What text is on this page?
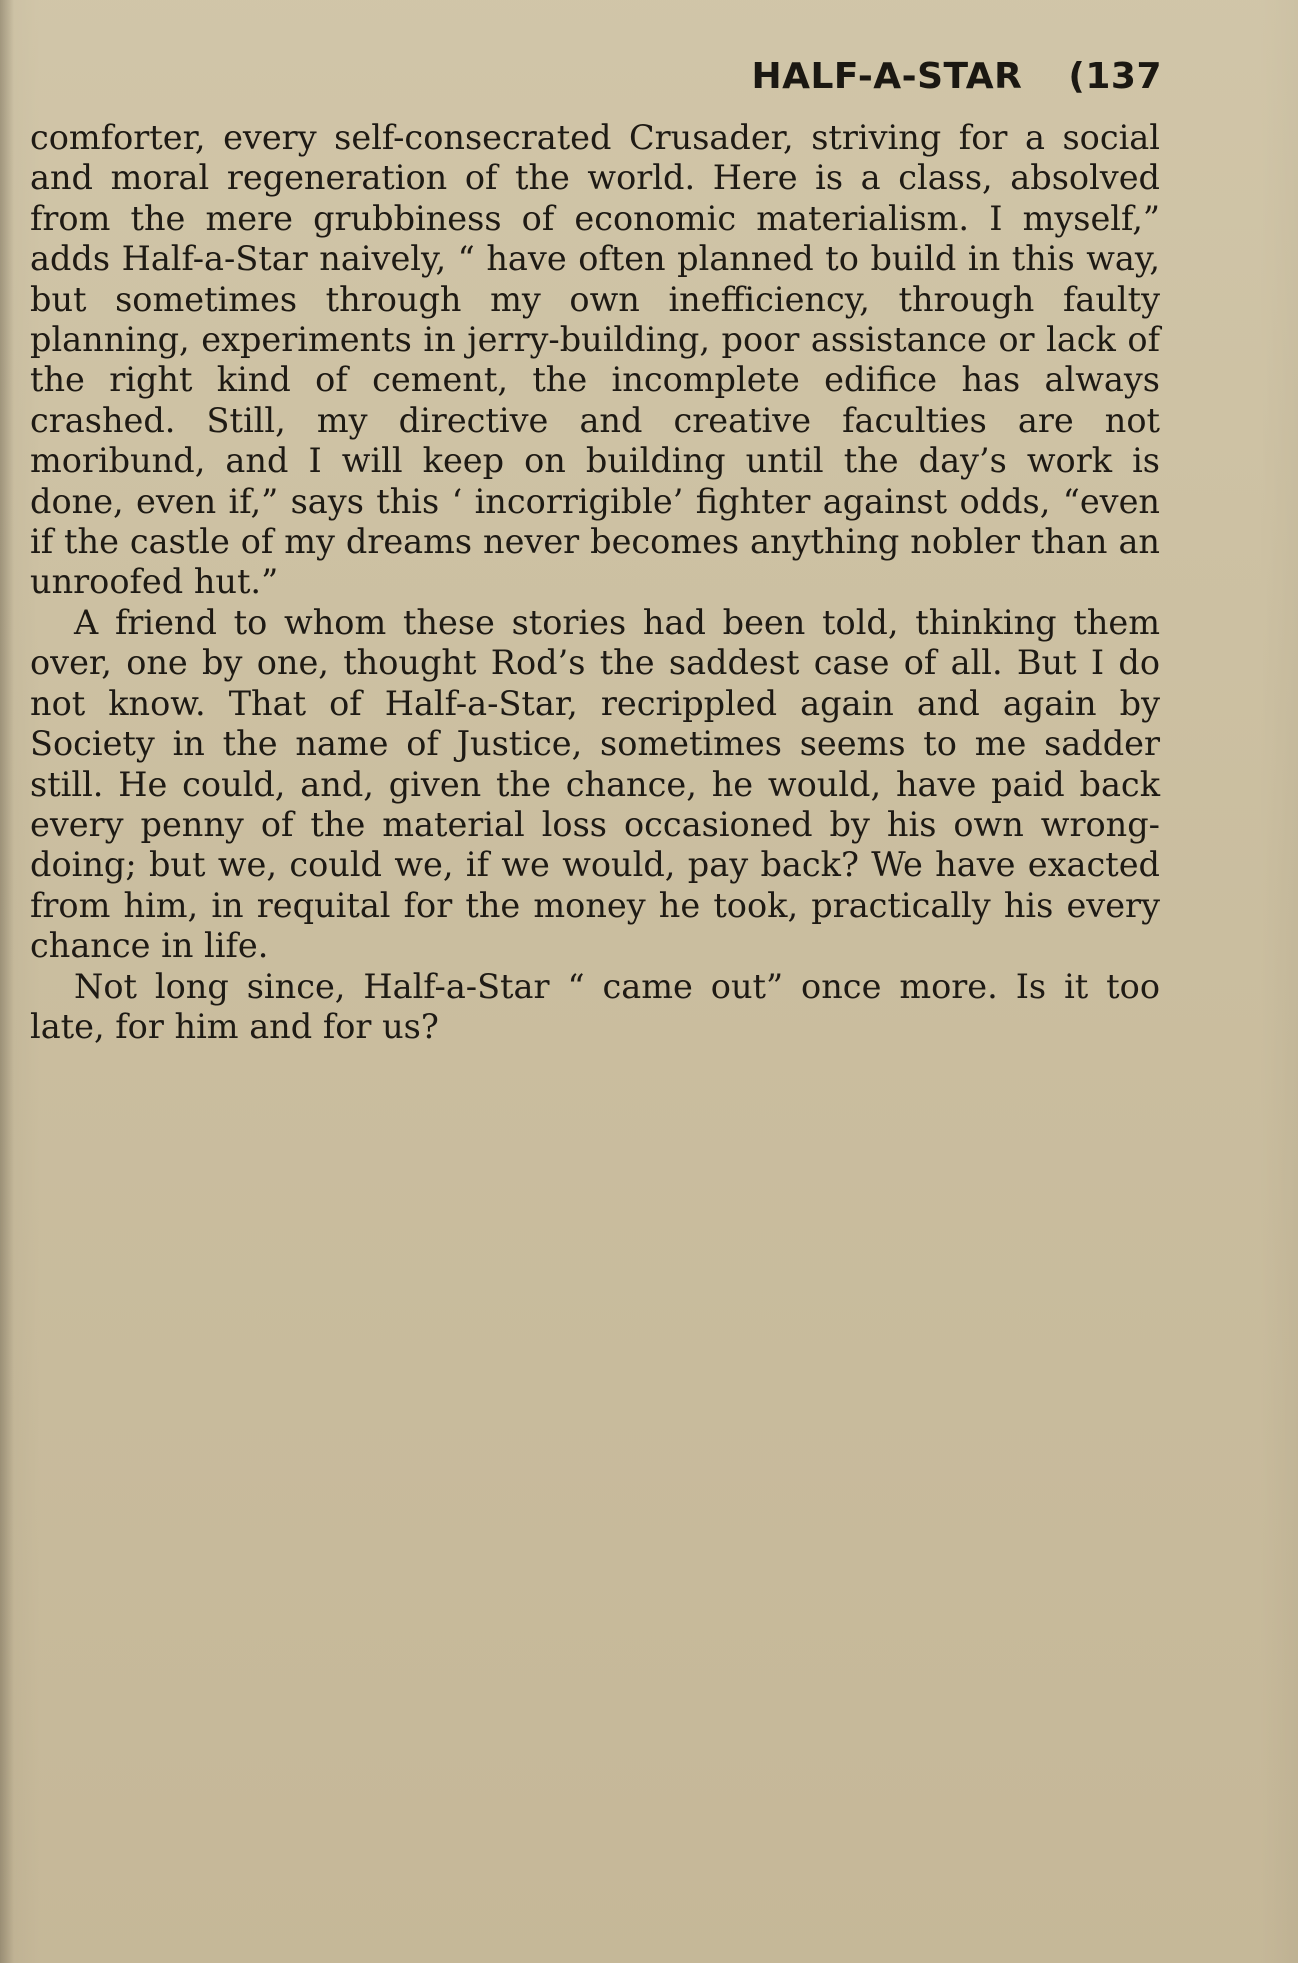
HALF-A-STAR (137

comforter, every self-consecrated Crusader, striving for a social and moral regeneration of the world. Here is a class, absolved from the mere grubbiness of economic materialism. I myself,” adds Half-a-Star naively, “ have often planned to build in this way, but sometimes through my own inefficiency, through faulty planning, experiments in jerry-building, poor assistance or lack of the right kind of cement, the incomplete edifice has always crashed. Still, my directive and creative faculties are not moribund, and I will keep on building until the day’s work is done, even if,” says this ‘ incorrigible’ fighter against odds, “even if the castle of my dreams never becomes anything nobler than an unroofed hut.”

A friend to whom these stories had been told, thinking them over, one by one, thought Rod’s the saddest case of all. But I do not know. That of Half-a-Star, recrippled again and again by Society in the name of Justice, sometimes seems to me sadder still. He could, and, given the chance, he would, have paid back every penny of the material loss occasioned by his own wrong-doing; but we, could we, if we would, pay back? We have exacted from him, in requital for the money he took, practically his every chance in life.

Not long since, Half-a-Star “ came out” once more. Is it too late, for him and for us?
